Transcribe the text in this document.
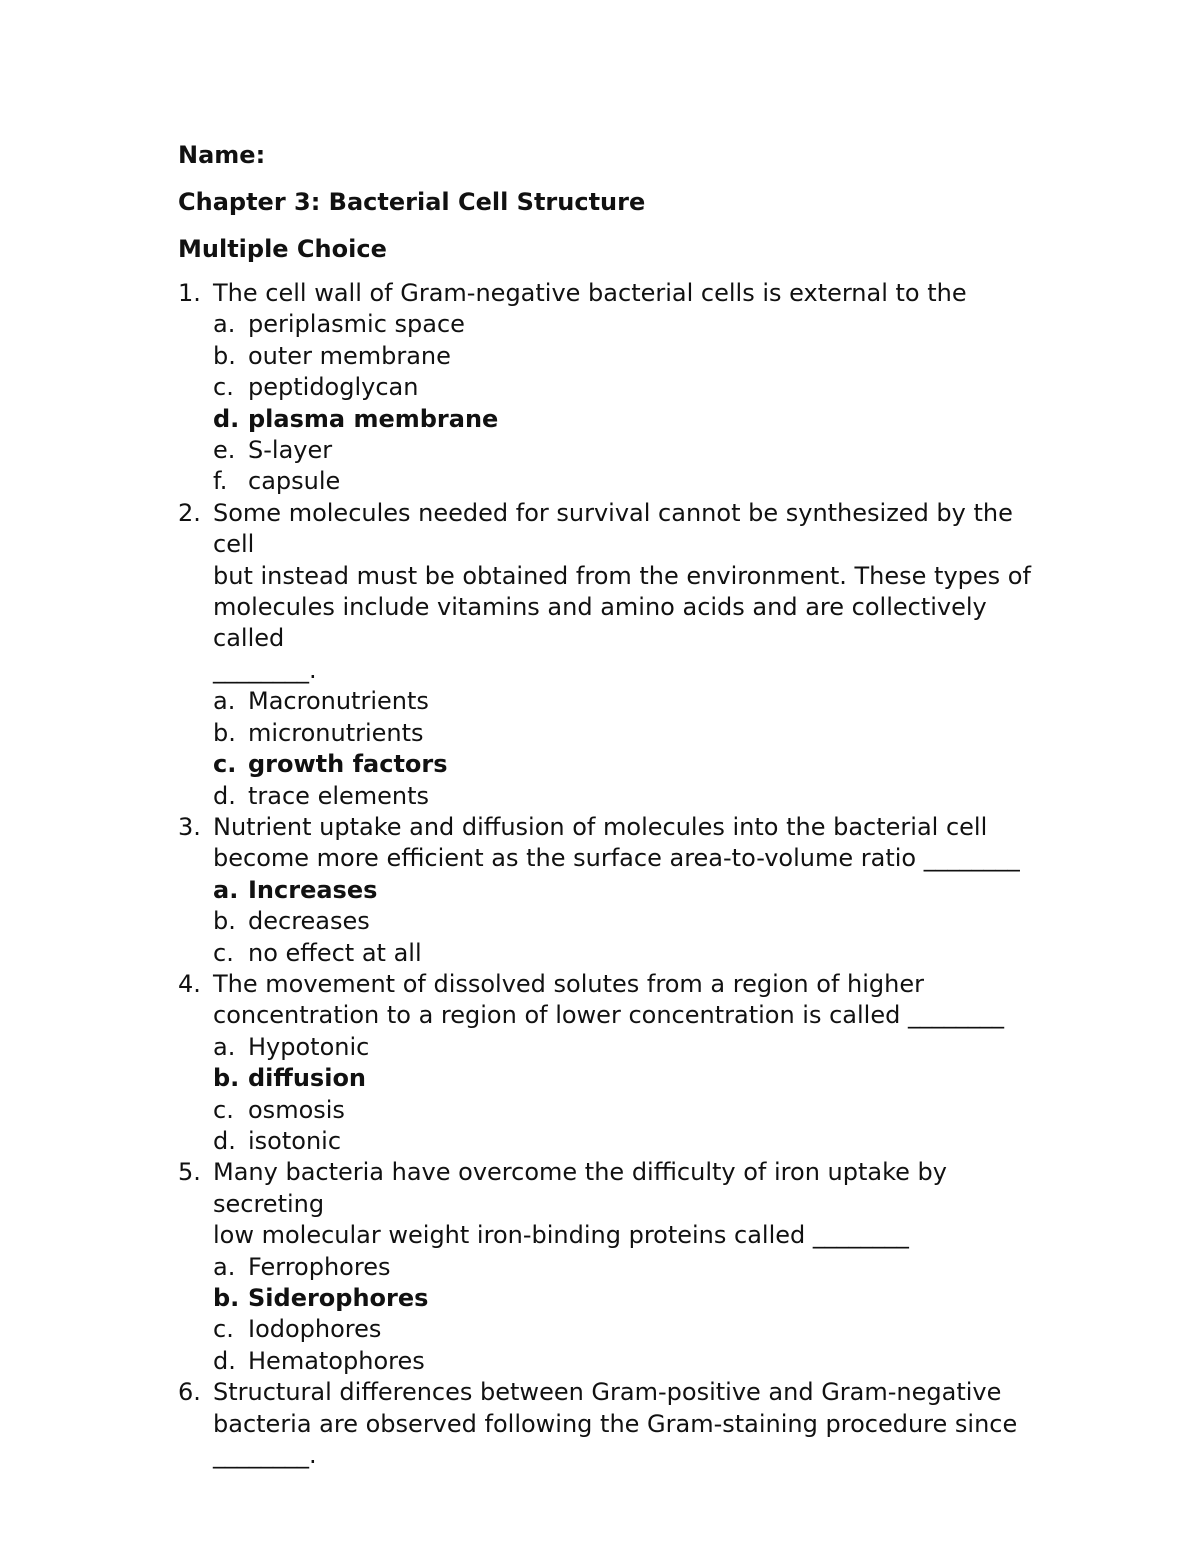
Name:
Chapter 3: Bacterial Cell Structure
Multiple Choice
1. The cell wall of Gram-negative bacterial cells is external to the
a. periplasmic space
b. outer membrane
c. peptidoglycan
d. plasma membrane
e. S-layer
f. capsule
2. Some molecules needed for survival cannot be synthesized by the cell
but instead must be obtained from the environment. These types of
molecules include vitamins and amino acids and are collectively called
________.
a. Macronutrients
b. micronutrients
c. growth factors
d. trace elements
3. Nutrient uptake and diffusion of molecules into the bacterial cell
become more efficient as the surface area-to-volume ratio ________
a. Increases
b. decreases
c. no effect at all
4. The movement of dissolved solutes from a region of higher
concentration to a region of lower concentration is called ________
a. Hypotonic
b. diffusion
c. osmosis
d. isotonic
5. Many bacteria have overcome the difficulty of iron uptake by secreting
low molecular weight iron-binding proteins called ________
a. Ferrophores
b. Siderophores
c. Iodophores
d. Hematophores
6. Structural differences between Gram-positive and Gram-negative
bacteria are observed following the Gram-staining procedure since
________.
